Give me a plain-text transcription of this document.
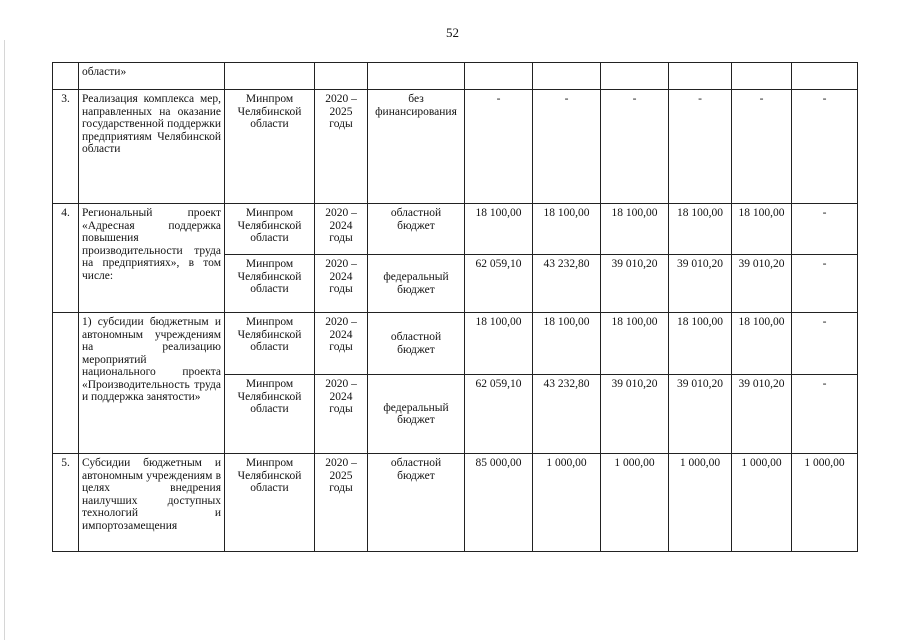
52
	области»									
3.	Реализация комплекса мер, направленных на оказание государственной поддержки предприятиям Челябинской области	Минпром Челябинской области	2020 – 2025 годы	без финансирования	-	-	-	-	-	-
4.	Региональный проект «Адресная поддержка повышения производительности труда на предприятиях», в том числе:	Минпром Челябинской области	2020 – 2024 годы	областной бюджет	18 100,00	18 100,00	18 100,00	18 100,00	18 100,00	-
		Минпром Челябинской области	2020 – 2024 годы	федеральный бюджет	62 059,10	43 232,80	39 010,20	39 010,20	39 010,20	-
	1) субсидии бюджетным и автономным учреждениям на реализацию мероприятий национального проекта «Производительность труда и поддержка занятости»	Минпром Челябинской области	2020 – 2024 годы	областной бюджет	18 100,00	18 100,00	18 100,00	18 100,00	18 100,00	-
		Минпром Челябинской области	2020 – 2024 годы	федеральный бюджет	62 059,10	43 232,80	39 010,20	39 010,20	39 010,20	-
5.	Субсидии бюджетным и автономным учреждениям в целях внедрения наилучших доступных технологий и импортозамещения	Минпром Челябинской области	2020 – 2025 годы	областной бюджет	85 000,00	1 000,00	1 000,00	1 000,00	1 000,00	1 000,00
